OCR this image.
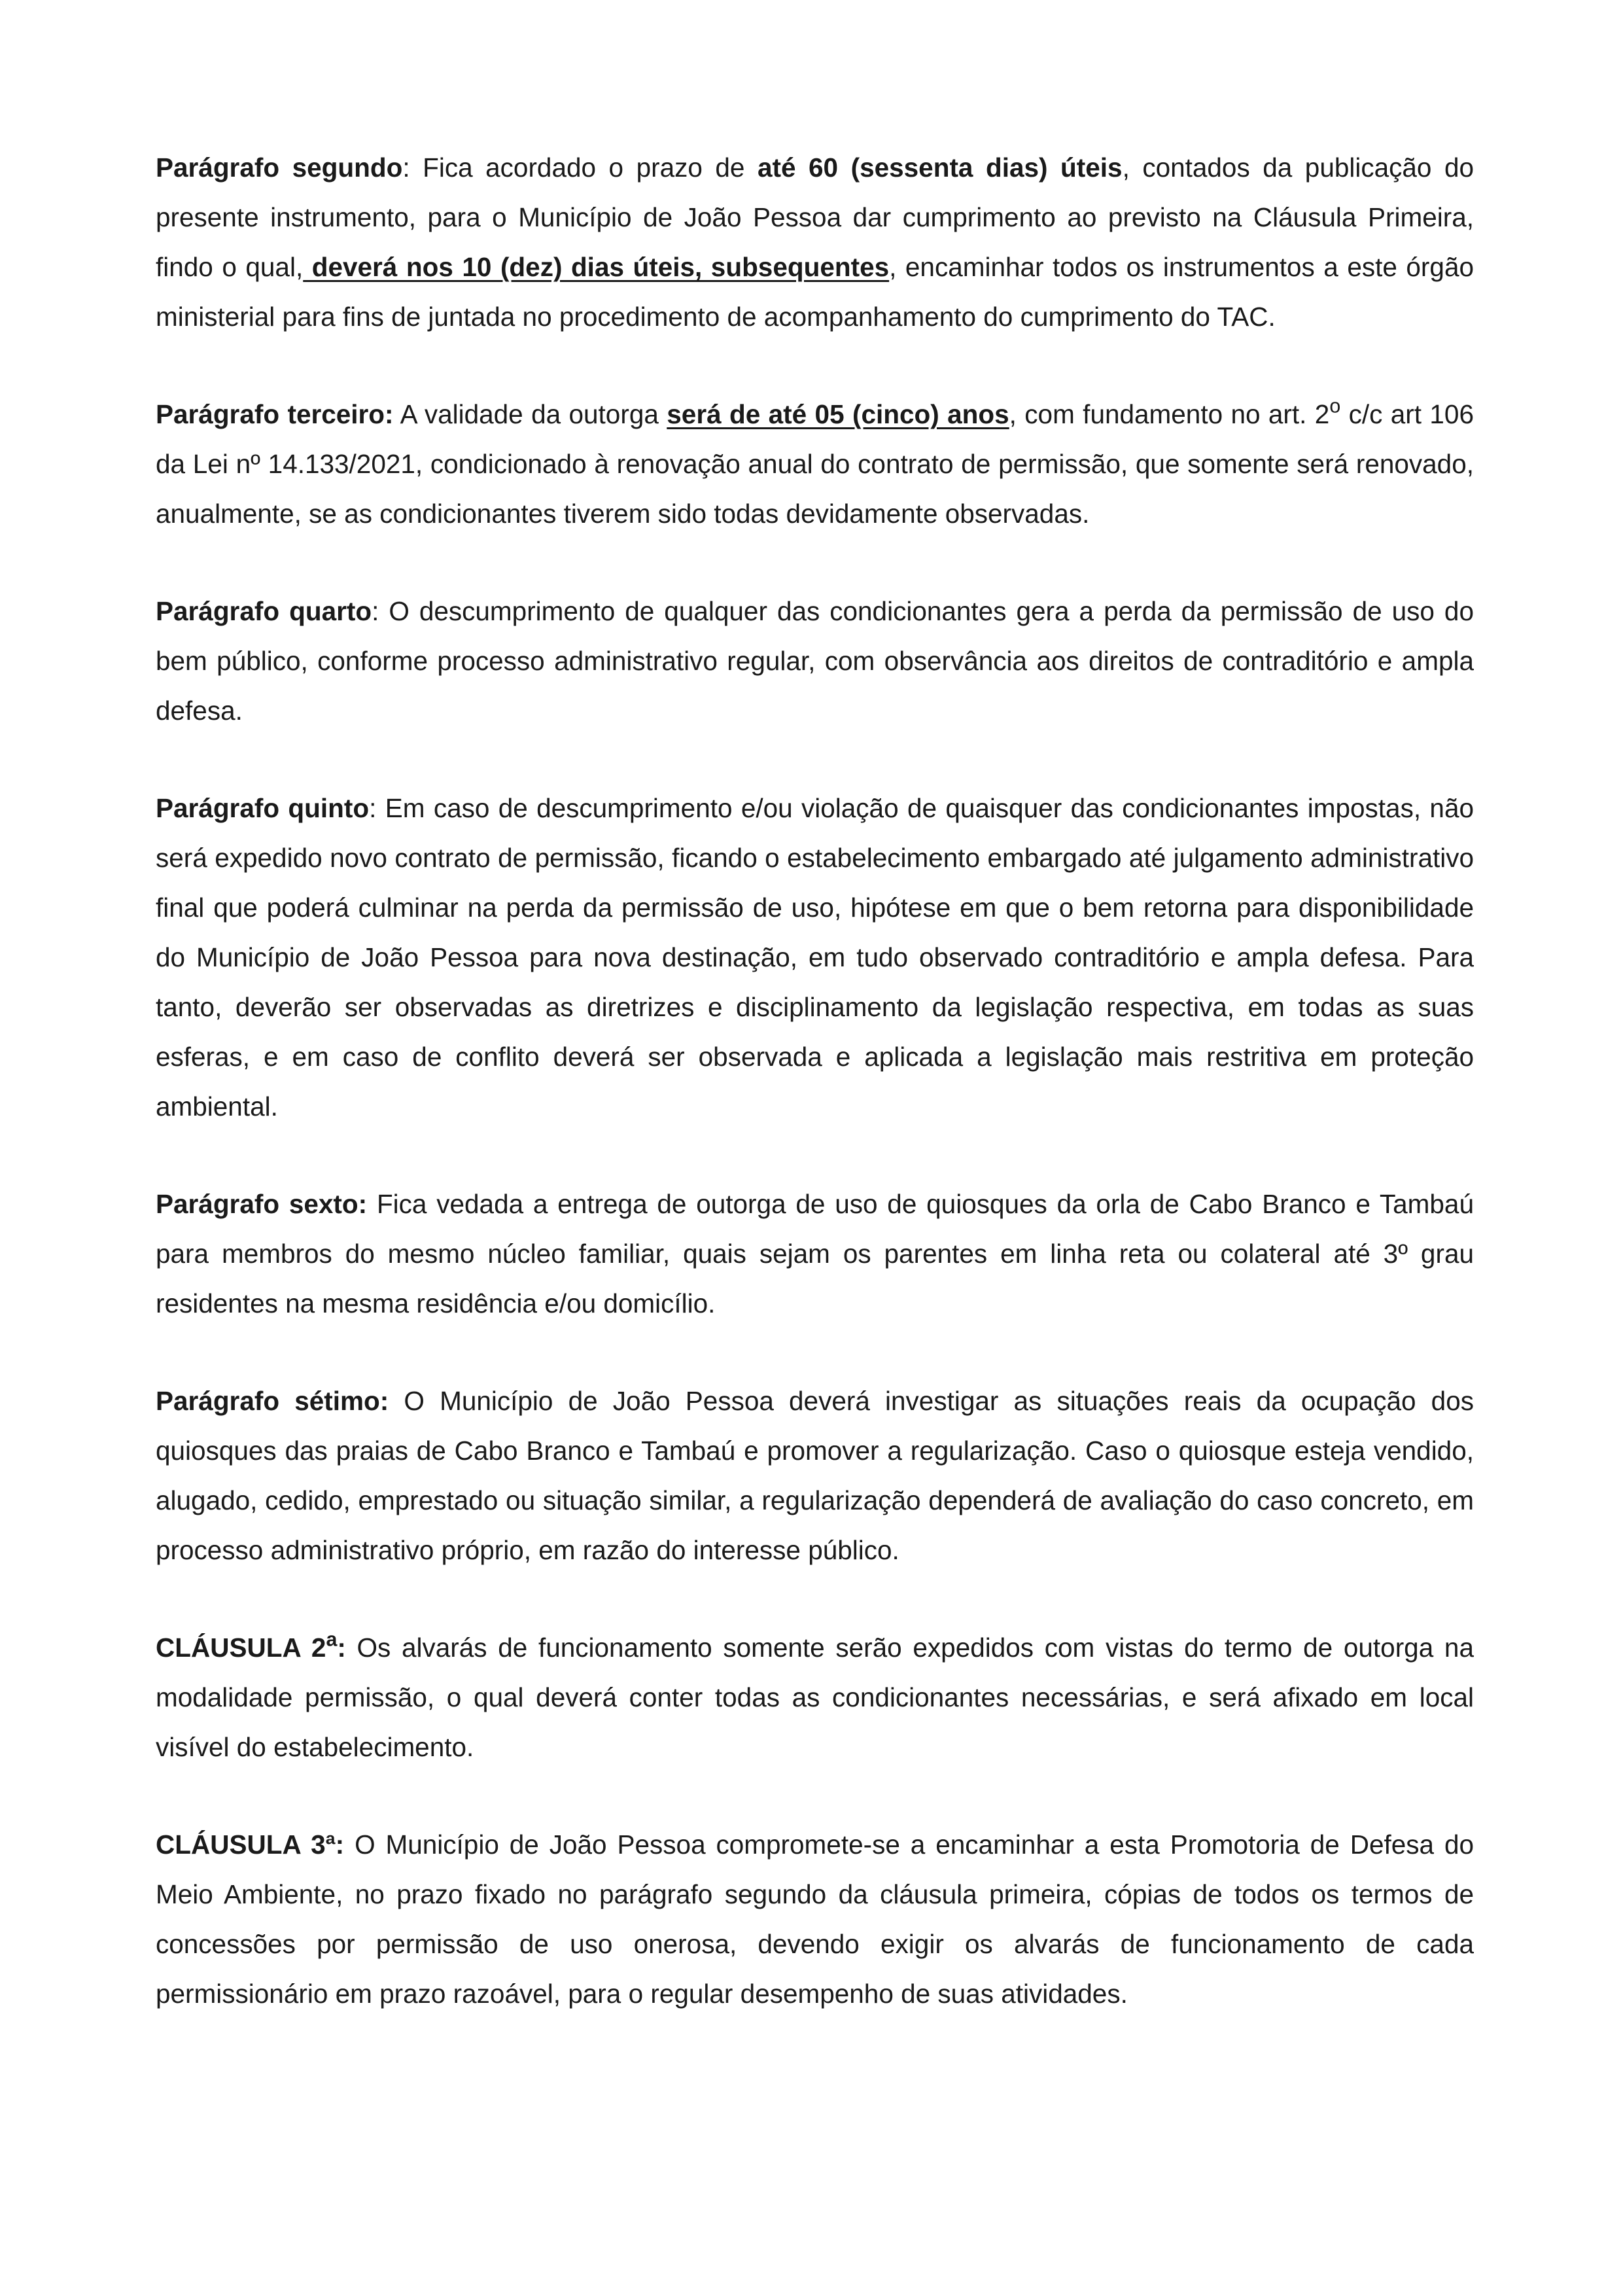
Parágrafo segundo: Fica acordado o prazo de até 60 (sessenta dias) úteis, contados da publicação do presente instrumento, para o Município de João Pessoa dar cumprimento ao previsto na Cláusula Primeira, findo o qual, deverá nos 10 (dez) dias úteis, subsequentes, encaminhar todos os instrumentos a este órgão ministerial para fins de juntada no procedimento de acompanhamento do cumprimento do TAC.

Parágrafo terceiro: A validade da outorga será de até 05 (cinco) anos, com fundamento no art. 2$^o$ c/c art 106 da Lei nº 14.133/2021, condicionado à renovação anual do contrato de permissão, que somente será renovado, anualmente, se as condicionantes tiverem sido todas devidamente observadas.

Parágrafo quarto: O descumprimento de qualquer das condicionantes gera a perda da permissão de uso do bem público, conforme processo administrativo regular, com observância aos direitos de contraditório e ampla defesa.

Parágrafo quinto: Em caso de descumprimento e/ou violação de quaisquer das condicionantes impostas, não será expedido novo contrato de permissão, ficando o estabelecimento embargado até julgamento administrativo final que poderá culminar na perda da permissão de uso, hipótese em que o bem retorna para disponibilidade do Município de João Pessoa para nova destinação, em tudo observado contraditório e ampla defesa. Para tanto, deverão ser observadas as diretrizes e disciplinamento da legislação respectiva, em todas as suas esferas, e em caso de conflito deverá ser observada e aplicada a legislação mais restritiva em proteção ambiental.

Parágrafo sexto: Fica vedada a entrega de outorga de uso de quiosques da orla de Cabo Branco e Tambaú para membros do mesmo núcleo familiar, quais sejam os parentes em linha reta ou colateral até 3º grau residentes na mesma residência e/ou domicílio.

Parágrafo sétimo: O Município de João Pessoa deverá investigar as situações reais da ocupação dos quiosques das praias de Cabo Branco e Tambaú e promover a regularização. Caso o quiosque esteja vendido, alugado, cedido, emprestado ou situação similar, a regularização dependerá de avaliação do caso concreto, em processo administrativo próprio, em razão do interesse público.

CLÁUSULA 2$^a$: Os alvarás de funcionamento somente serão expedidos com vistas do termo de outorga na modalidade permissão, o qual deverá conter todas as condicionantes necessárias, e será afixado em local visível do estabelecimento.

CLÁUSULA 3ª: O Município de João Pessoa compromete-se a encaminhar a esta Promotoria de Defesa do Meio Ambiente, no prazo fixado no parágrafo segundo da cláusula primeira, cópias de todos os termos de concessões por permissão de uso onerosa, devendo exigir os alvarás de funcionamento de cada permissionário em prazo razoável, para o regular desempenho de suas atividades.
